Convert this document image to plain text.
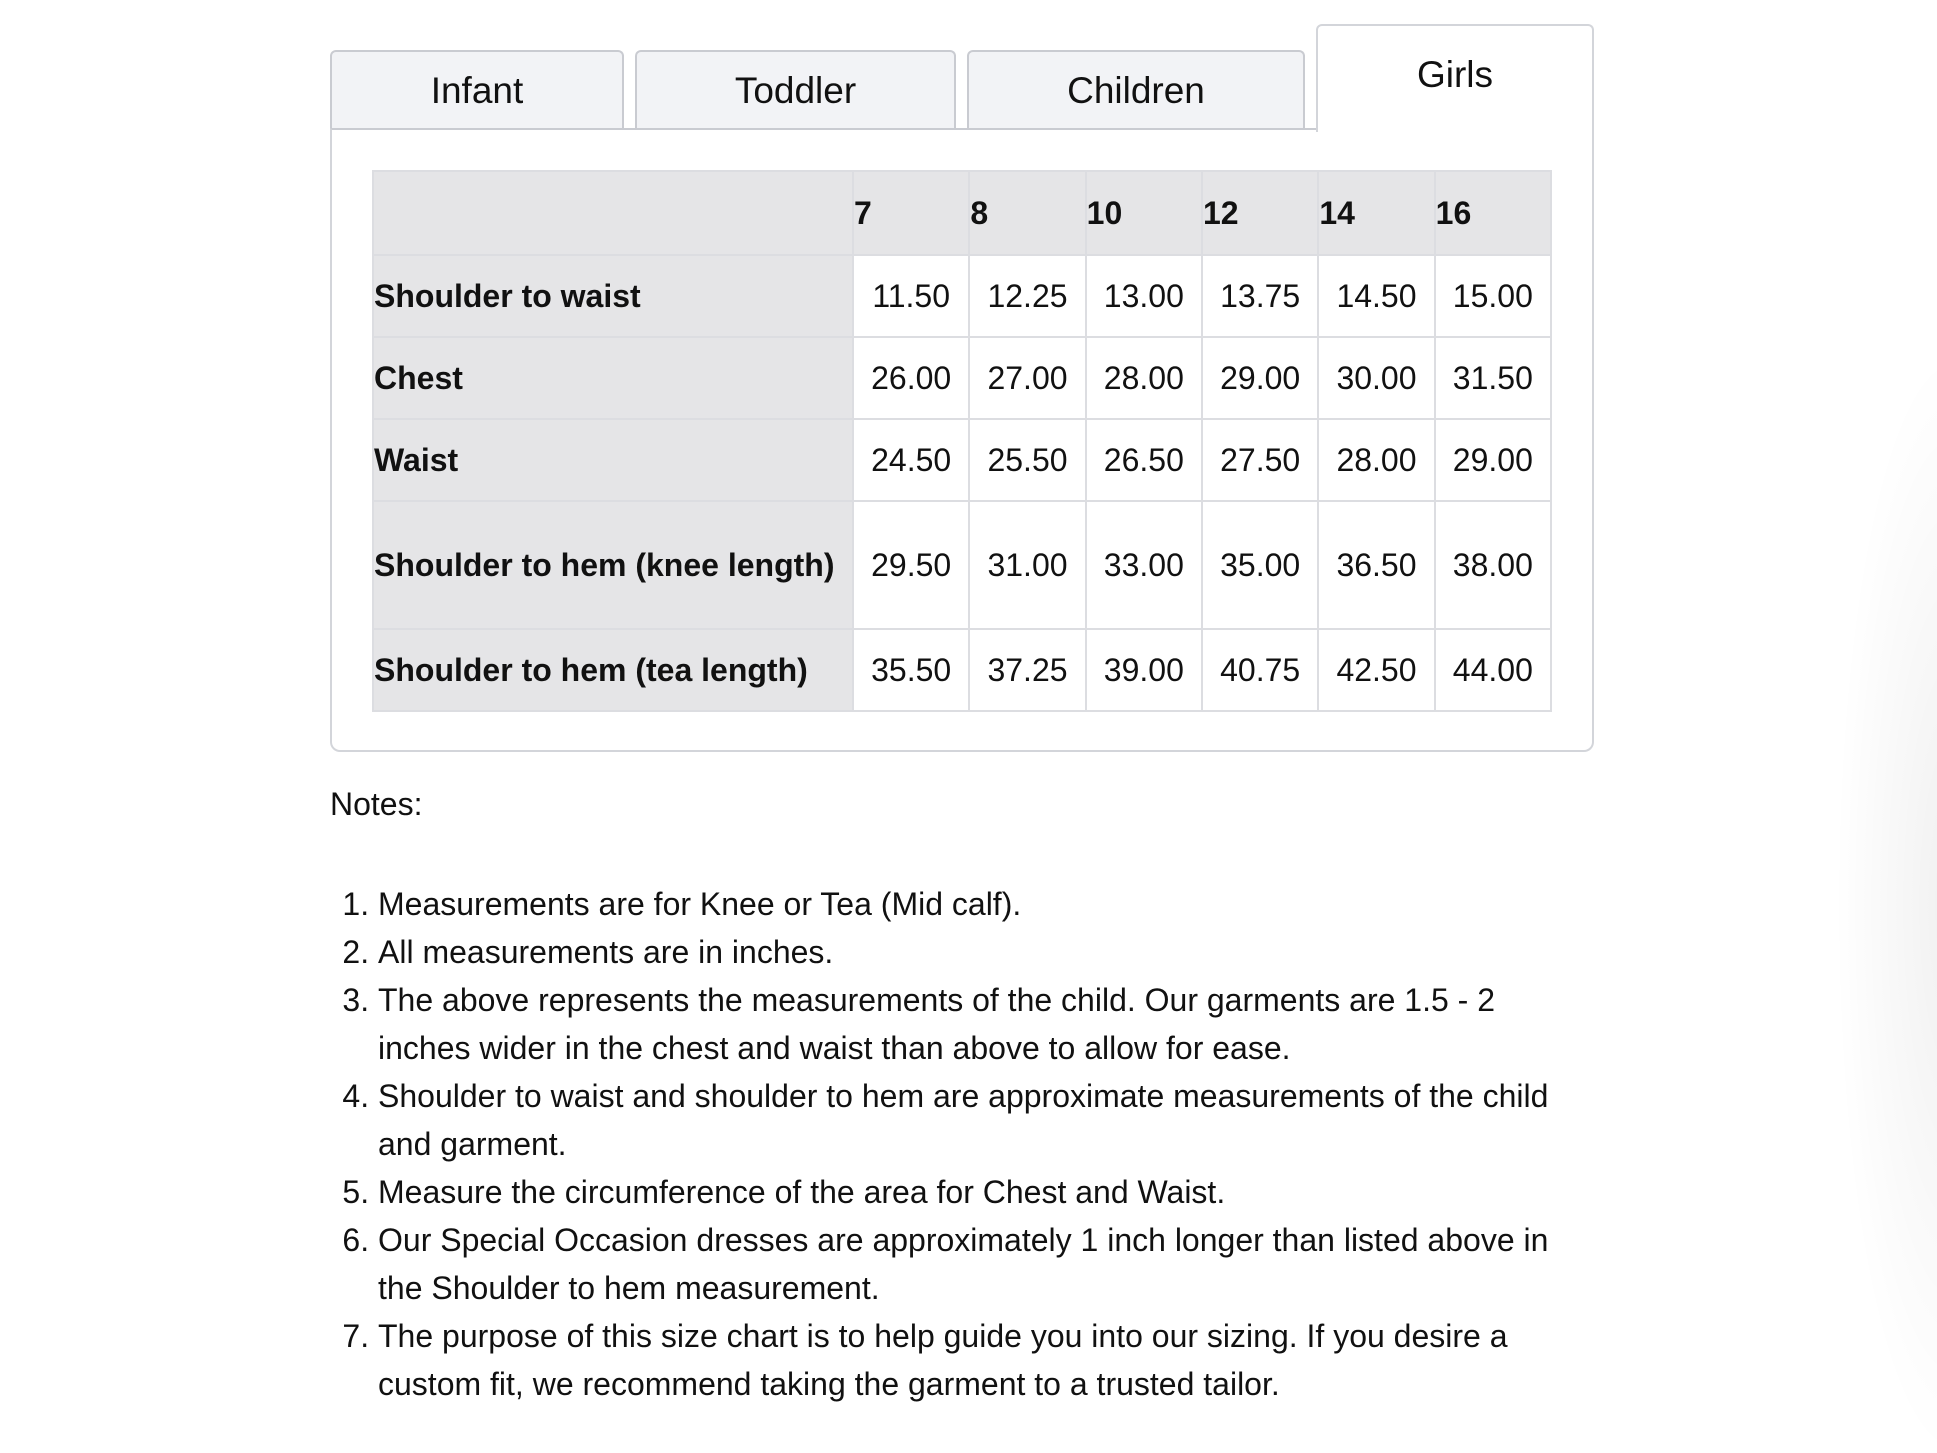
Infant	Toddler	Children	Girls
	7	8	10	12	14	16
Shoulder to waist	11.50	12.25	13.00	13.75	14.50	15.00
Chest	26.00	27.00	28.00	29.00	30.00	31.50
Waist	24.50	25.50	26.50	27.50	28.00	29.00
Shoulder to hem (knee length)	29.50	31.00	33.00	35.00	36.50	38.00
Shoulder to hem (tea length)	35.50	37.25	39.00	40.75	42.50	44.00

Notes:

1. Measurements are for Knee or Tea (Mid calf).
2. All measurements are in inches.
3. The above represents the measurements of the child. Our garments are 1.5 - 2 inches wider in the chest and waist than above to allow for ease.
4. Shoulder to waist and shoulder to hem are approximate measurements of the child and garment.
5. Measure the circumference of the area for Chest and Waist.
6. Our Special Occasion dresses are approximately 1 inch longer than listed above in the Shoulder to hem measurement.
7. The purpose of this size chart is to help guide you into our sizing. If you desire a custom fit, we recommend taking the garment to a trusted tailor.
